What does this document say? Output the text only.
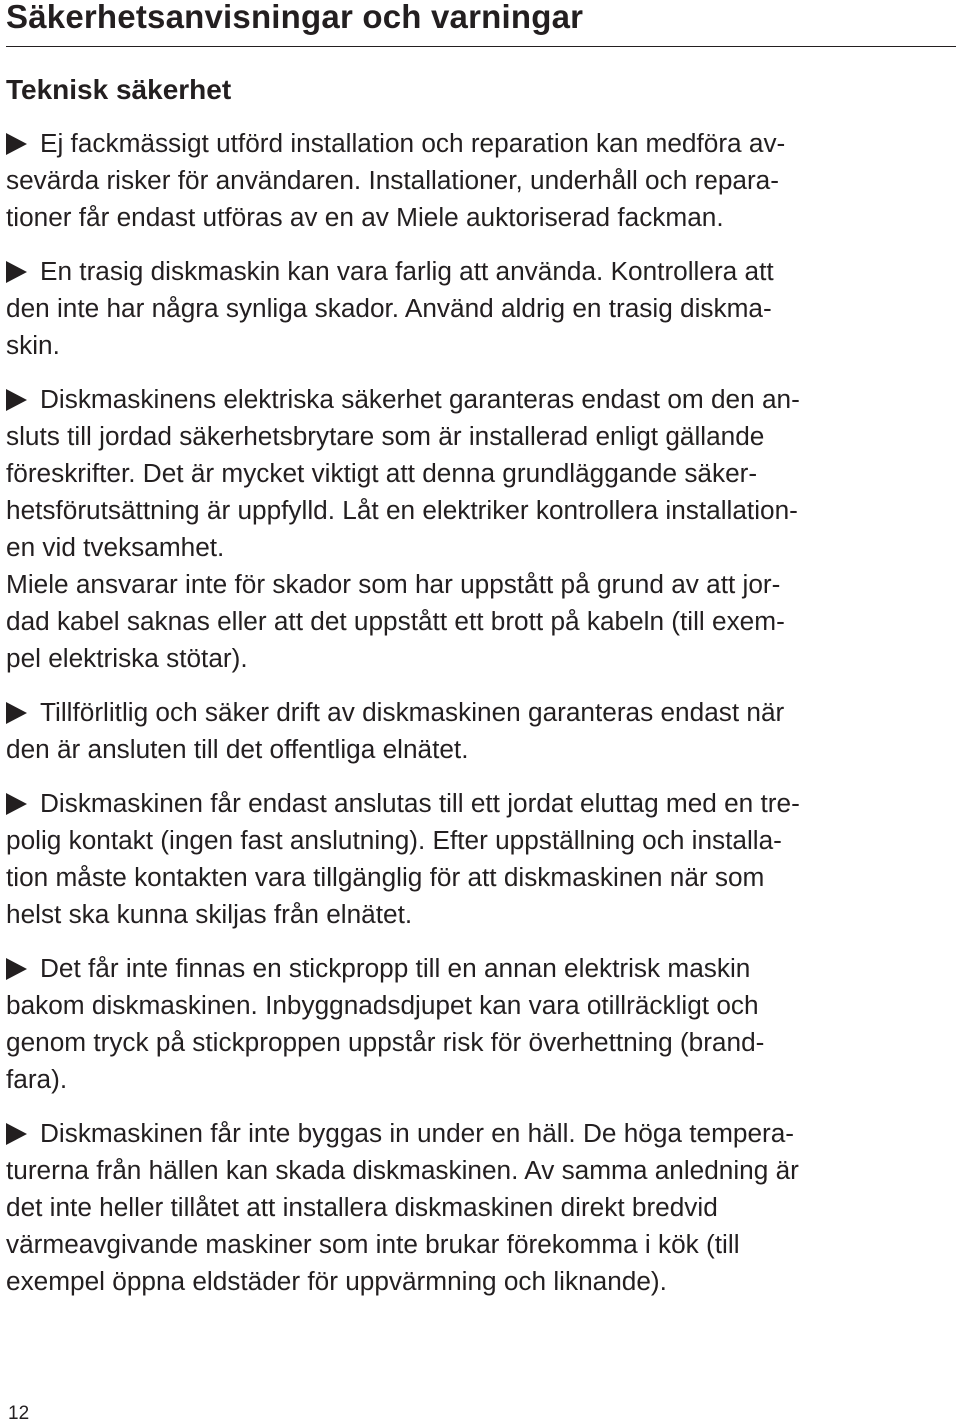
Säkerhetsanvisningar och varningar
Teknisk säkerhet

Ej fackmässigt utförd installation och reparation kan medföra av-
sevärda risker för användaren. Installationer, underhåll och repara-
tioner får endast utföras av en av Miele auktoriserad fackman.

En trasig diskmaskin kan vara farlig att använda. Kontrollera att
den inte har några synliga skador. Använd aldrig en trasig diskma-
skin.

Diskmaskinens elektriska säkerhet garanteras endast om den an-
sluts till jordad säkerhetsbrytare som är installerad enligt gällande
föreskrifter. Det är mycket viktigt att denna grundläggande säker-
hetsförutsättning är uppfylld. Låt en elektriker kontrollera installation-
en vid tveksamhet.

Miele ansvarar inte för skador som har uppstått på grund av att jor-
dad kabel saknas eller att det uppstått ett brott på kabeln (till exem-
pel elektriska stötar).

Tillförlitlig och säker drift av diskmaskinen garanteras endast när
den är ansluten till det offentliga elnätet.

Diskmaskinen får endast anslutas till ett jordat eluttag med en tre-
polig kontakt (ingen fast anslutning). Efter uppställning och installa-
tion måste kontakten vara tillgänglig för att diskmaskinen när som
helst ska kunna skiljas från elnätet.

Det får inte finnas en stickpropp till en annan elektrisk maskin
bakom diskmaskinen. Inbyggnadsdjupet kan vara otillräckligt och
genom tryck på stickproppen uppstår risk för överhettning (brand-
fara).

Diskmaskinen får inte byggas in under en häll. De höga tempera-
turerna från hällen kan skada diskmaskinen. Av samma anledning är
det inte heller tillåtet att installera diskmaskinen direkt bredvid
värmeavgivande maskiner som inte brukar förekomma i kök (till
exempel öppna eldstäder för uppvärmning och liknande).

12
